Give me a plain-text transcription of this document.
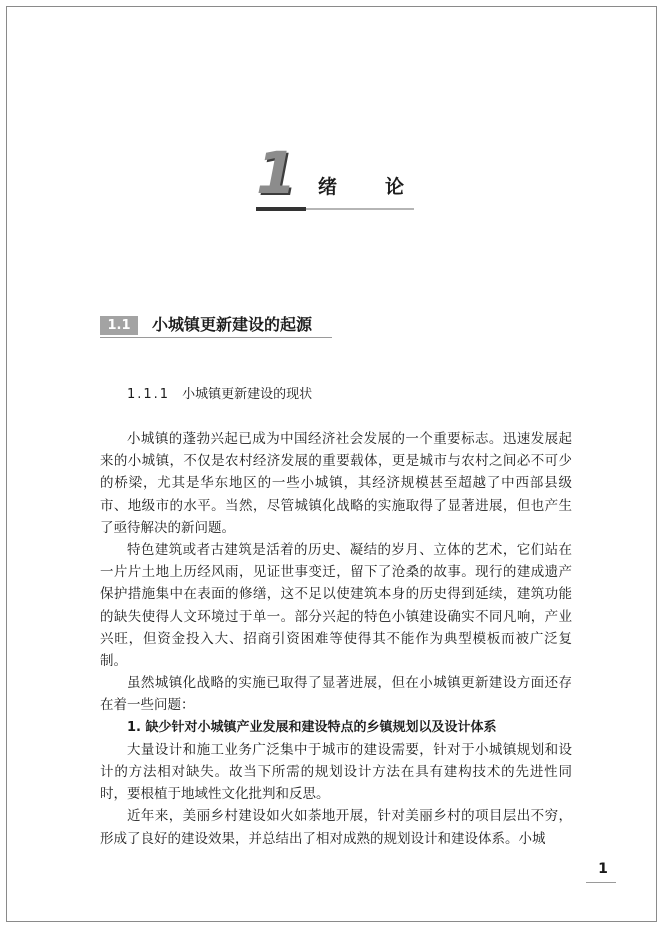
1	绪论
1.1	小城镇更新建设的起源
1.1.1 小城镇更新建设的现状

小城镇的蓬勃兴起已成为中国经济社会发展的一个重要标志。迅速发展起来的小城镇，不仅是农村经济发展的重要载体，更是城市与农村之间必不可少的桥梁，尤其是华东地区的一些小城镇，其经济规模甚至超越了中西部县级市、地级市的水平。当然，尽管城镇化战略的实施取得了显著进展，但也产生了亟待解决的新问题。

特色建筑或者古建筑是活着的历史、凝结的岁月、立体的艺术，它们站在一片片土地上历经风雨，见证世事变迁，留下了沧桑的故事。现行的建成遗产保护措施集中在表面的修缮，这不足以使建筑本身的历史得到延续，建筑功能的缺失使得人文环境过于单一。部分兴起的特色小镇建设确实不同凡响，产业兴旺，但资金投入大、招商引资困难等使得其不能作为典型模板而被广泛复制。

虽然城镇化战略的实施已取得了显著进展，但在小城镇更新建设方面还存在着一些问题：

1. 缺少针对小城镇产业发展和建设特点的乡镇规划以及设计体系

大量设计和施工业务广泛集中于城市的建设需要，针对于小城镇规划和设计的方法相对缺失。故当下所需的规划设计方法在具有建构技术的先进性同时，要根植于地域性文化批判和反思。

近年来，美丽乡村建设如火如荼地开展，针对美丽乡村的项目层出不穷，形成了良好的建设效果，并总结出了相对成熟的规划设计和建设体系。小城

1
